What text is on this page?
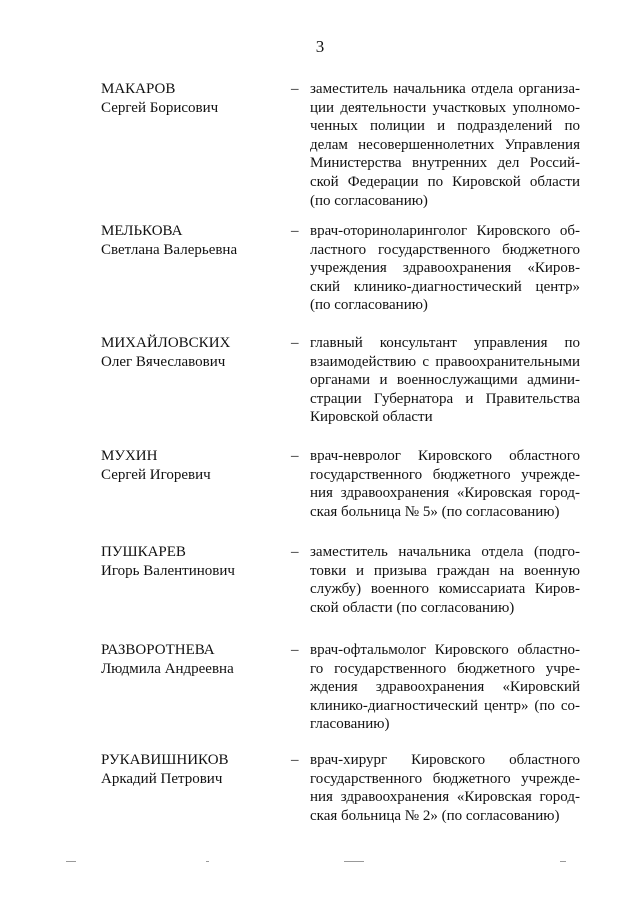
3
МАКАРОВ
Сергей Борисович
– заместитель начальника отдела организа-
ции деятельности участковых уполномо-
ченных полиции и подразделений по
делам несовершеннолетних Управления
Министерства внутренних дел Россий-
ской Федерации по Кировской области
(по согласованию)
МЕЛЬКОВА
Светлана Валерьевна
– врач-оториноларинголог Кировского об-
ластного государственного бюджетного
учреждения здравоохранения «Киров-
ский клинико-диагностический центр»
(по согласованию)
МИХАЙЛОВСКИХ
Олег Вячеславович
– главный консультант управления по
взаимодействию с правоохранительными
органами и военнослужащими админи-
страции Губернатора и Правительства
Кировской области
МУХИН
Сергей Игоревич
– врач-невролог Кировского областного
государственного бюджетного учрежде-
ния здравоохранения «Кировская город-
ская больница № 5» (по согласованию)
ПУШКАРЕВ
Игорь Валентинович
– заместитель начальника отдела (подго-
товки и призыва граждан на военную
службу) военного комиссариата Киров-
ской области (по согласованию)
РАЗВОРОТНЕВА
Людмила Андреевна
– врач-офтальмолог Кировского областно-
го государственного бюджетного учре-
ждения здравоохранения «Кировский
клинико-диагностический центр» (по со-
гласованию)
РУКАВИШНИКОВ
Аркадий Петрович
– врач-хирург Кировского областного
государственного бюджетного учрежде-
ния здравоохранения «Кировская город-
ская больница № 2» (по согласованию)
